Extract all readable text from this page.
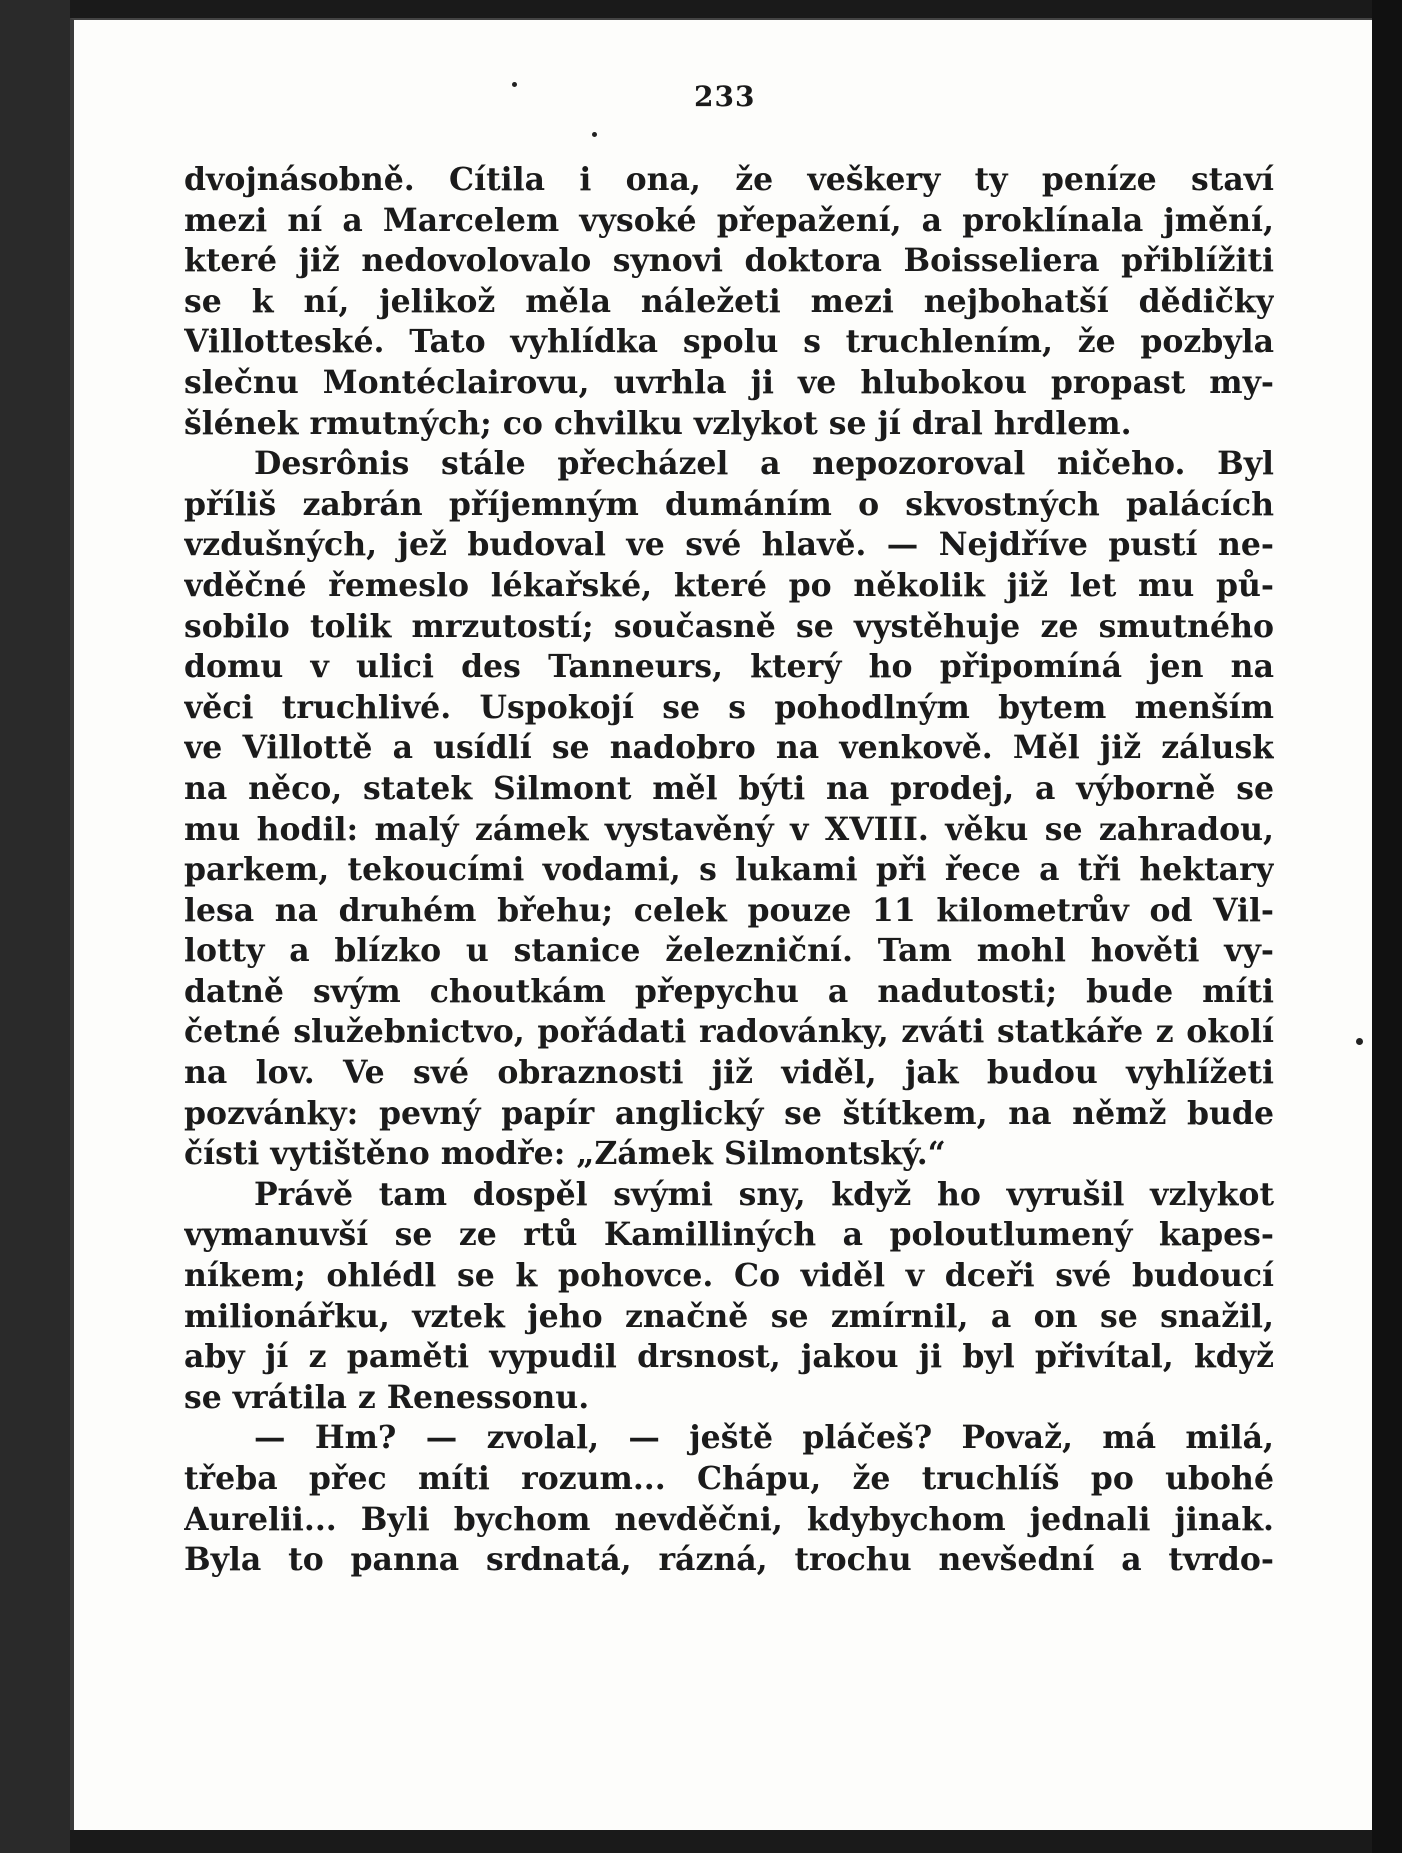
233
dvojnásobně. Cítila i ona, že veškery ty peníze staví
mezi ní a Marcelem vysoké přepažení, a proklínala jmění,
které již nedovolovalo synovi doktora Boisseliera přiblížiti
se k ní, jelikož měla náležeti mezi nejbohatší dědičky
Villotteské. Tato vyhlídka spolu s truchlením, že pozbyla
slečnu Montéclairovu, uvrhla ji ve hlubokou propast my-
šlének rmutných; co chvilku vzlykot se jí dral hrdlem.
Desrônis stále přecházel a nepozoroval ničeho. Byl
příliš zabrán příjemným dumáním o skvostných palácích
vzdušných, jež budoval ve své hlavě. — Nejdříve pustí ne-
vděčné řemeslo lékařské, které po několik již let mu pů-
sobilo tolik mrzutostí; současně se vystěhuje ze smutného
domu v ulici des Tanneurs, který ho připomíná jen na
věci truchlivé. Uspokojí se s pohodlným bytem menším
ve Villottě a usídlí se nadobro na venkově. Měl již zálusk
na něco, statek Silmont měl býti na prodej, a výborně se
mu hodil: malý zámek vystavěný v XVIII. věku se zahradou,
parkem, tekoucími vodami, s lukami při řece a tři hektary
lesa na druhém břehu; celek pouze 11 kilometrův od Vil-
lotty a blízko u stanice železniční. Tam mohl hověti vy-
datně svým choutkám přepychu a nadutosti; bude míti
četné služebnictvo, pořádati radovánky, zváti statkáře z okolí
na lov. Ve své obraznosti již viděl, jak budou vyhlížeti
pozvánky: pevný papír anglický se štítkem, na němž bude
čísti vytištěno modře: „Zámek Silmontský.“
Právě tam dospěl svými sny, když ho vyrušil vzlykot
vymanuvší se ze rtů Kamilliných a poloutlumený kapes-
níkem; ohlédl se k pohovce. Co viděl v dceři své budoucí
milionářku, vztek jeho značně se zmírnil, a on se snažil,
aby jí z paměti vypudil drsnost, jakou ji byl přivítal, když
se vrátila z Renessonu.
— Hm? — zvolal, — ještě pláčeš? Považ, má milá,
třeba přec míti rozum... Chápu, že truchlíš po ubohé
Aurelii... Byli bychom nevděčni, kdybychom jednali jinak.
Byla to panna srdnatá, rázná, trochu nevšední a tvrdo-
